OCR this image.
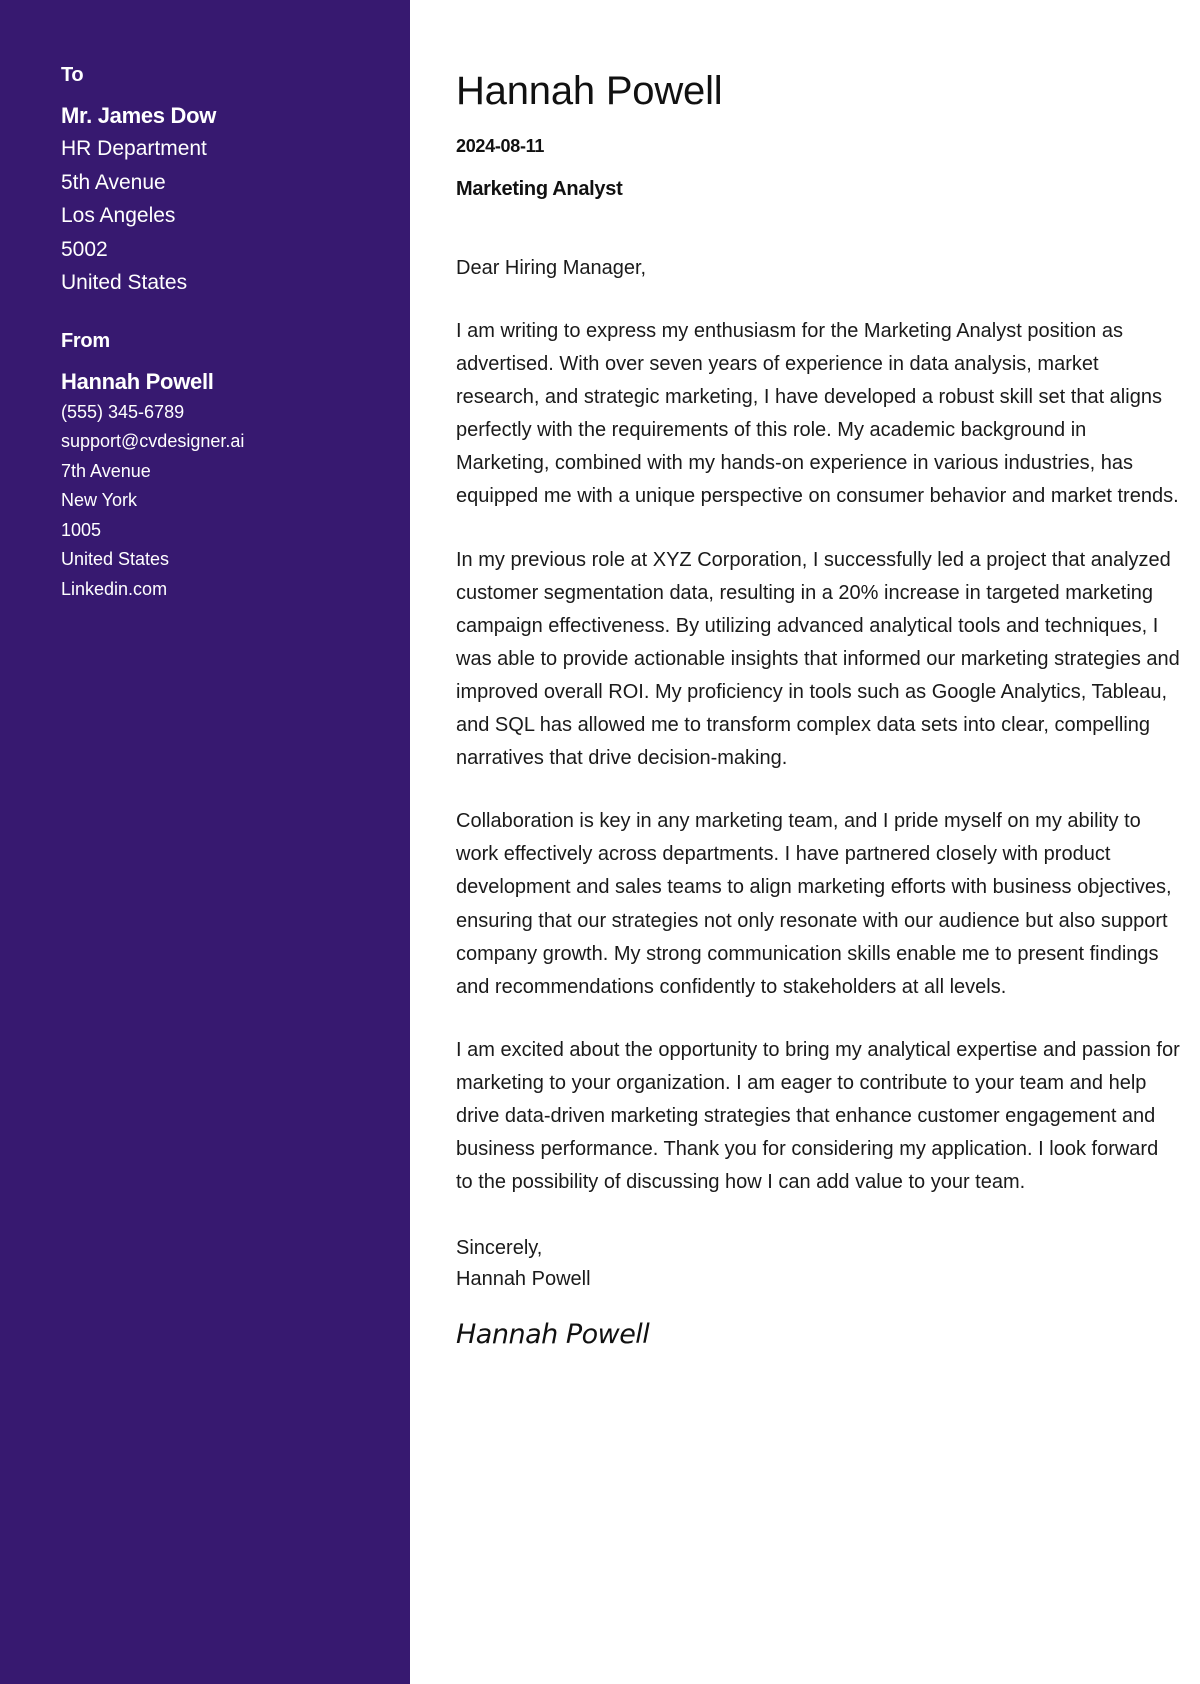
To

Mr. James Dow

HR Department

5th Avenue

Los Angeles

5002

United States

From

Hannah Powell

(555) 345-6789

support@cvdesigner.ai

7th Avenue

New York

1005

United States

Linkedin.com

Hannah Powell

2024-08-11

Marketing Analyst

Dear Hiring Manager,

I am writing to express my enthusiasm for the Marketing Analyst position as advertised. With over seven years of experience in data analysis, market research, and strategic marketing, I have developed a robust skill set that aligns perfectly with the requirements of this role. My academic background in Marketing, combined with my hands-on experience in various industries, has equipped me with a unique perspective on consumer behavior and market trends.

In my previous role at XYZ Corporation, I successfully led a project that analyzed customer segmentation data, resulting in a 20% increase in targeted marketing campaign effectiveness. By utilizing advanced analytical tools and techniques, I was able to provide actionable insights that informed our marketing strategies and improved overall ROI. My proficiency in tools such as Google Analytics, Tableau, and SQL has allowed me to transform complex data sets into clear, compelling narratives that drive decision-making.

Collaboration is key in any marketing team, and I pride myself on my ability to work effectively across departments. I have partnered closely with product development and sales teams to align marketing efforts with business objectives, ensuring that our strategies not only resonate with our audience but also support company growth. My strong communication skills enable me to present findings and recommendations confidently to stakeholders at all levels.

I am excited about the opportunity to bring my analytical expertise and passion for marketing to your organization. I am eager to contribute to your team and help drive data-driven marketing strategies that enhance customer engagement and business performance. Thank you for considering my application. I look forward to the possibility of discussing how I can add value to your team.

Sincerely,
Hannah Powell

Hannah Powell
